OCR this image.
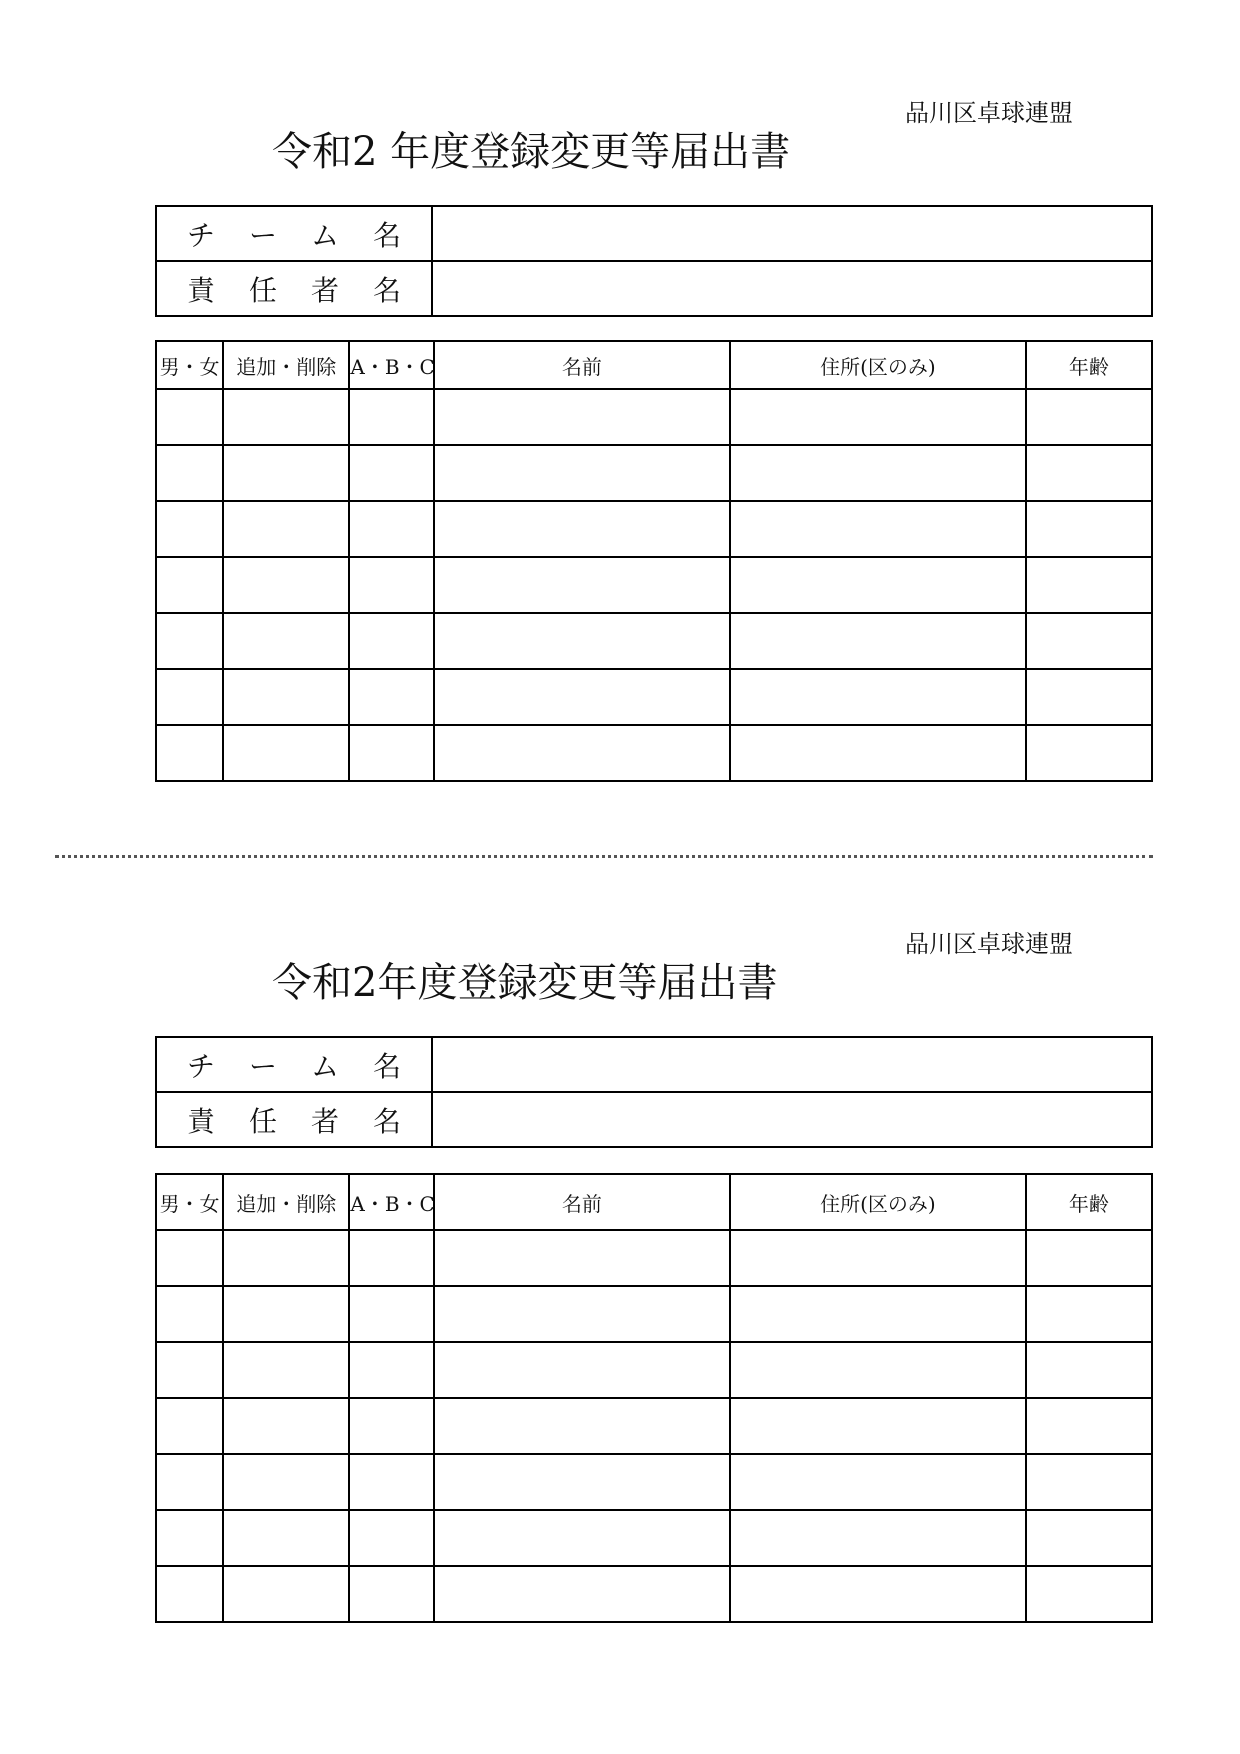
品川区卓球連盟
令和2 年度登録変更等届出書
チ ー ム 名	
責 任 者 名	
男・女	追加・削除	A・B・C	名前	住所(区のみ)	年齢

品川区卓球連盟
令和2年度登録変更等届出書
チ ー ム 名	
責 任 者 名	
男・女	追加・削除	A・B・C	名前	住所(区のみ)	年齢
